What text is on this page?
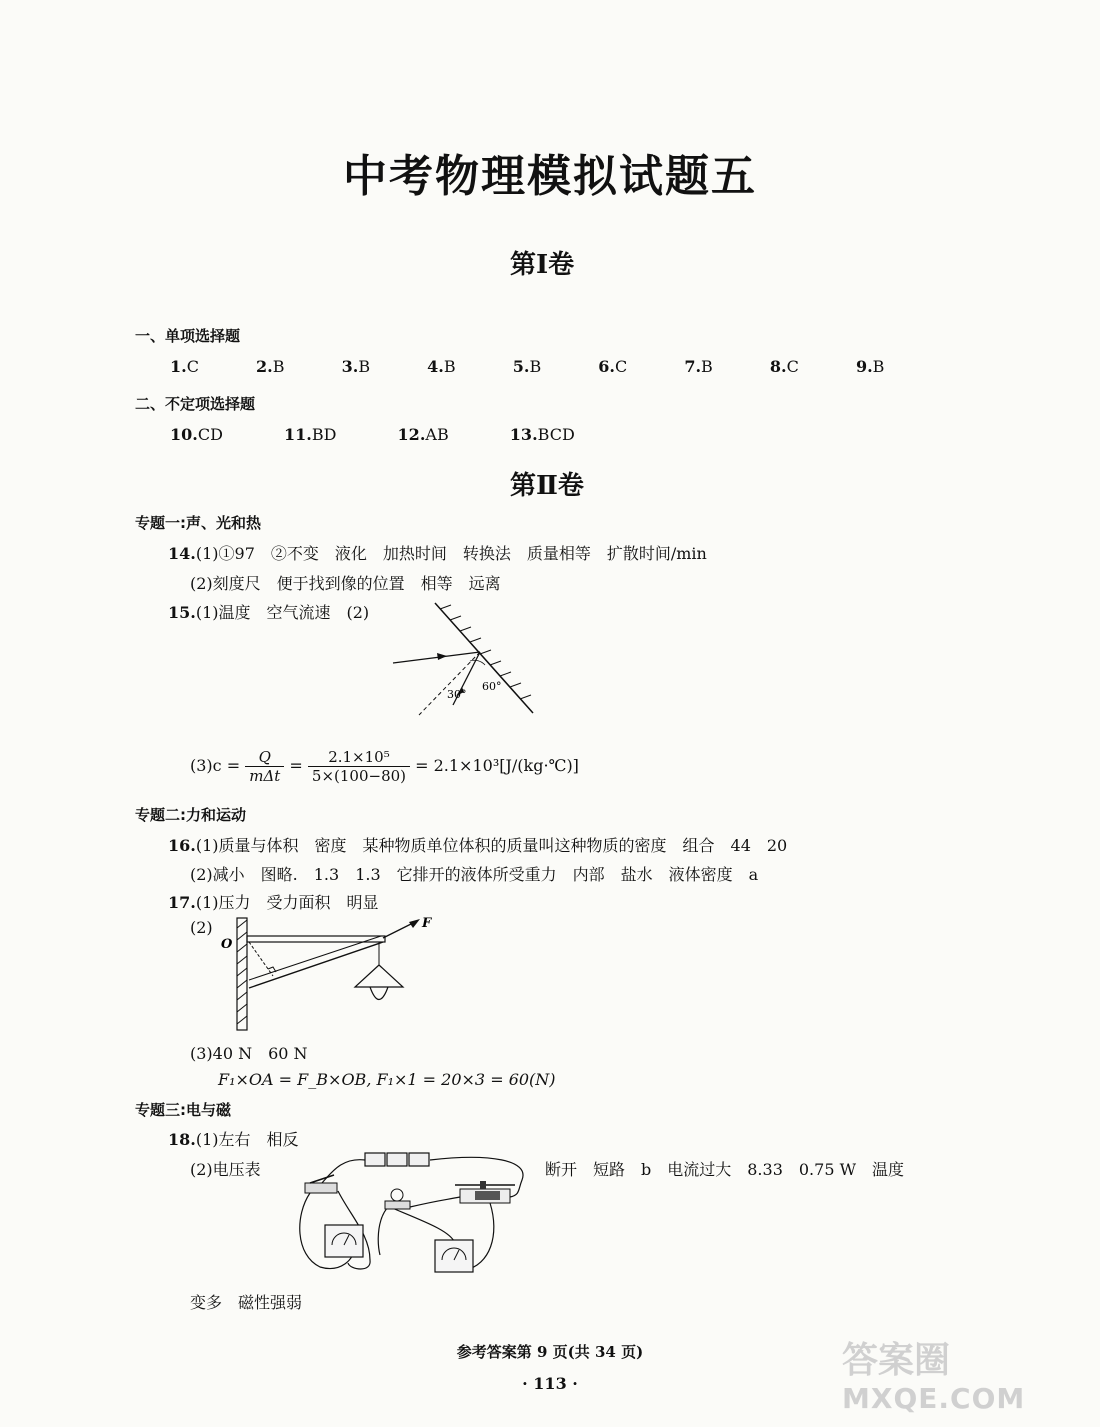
中考物理模拟试题五
第Ⅰ卷
一、单项选择题
1.C	2.B	3.B	4.B	5.B	6.C	7.B	8.C	9.B
二、不定项选择题
10.CD	11.BD	12.AB	13.BCD
第Ⅱ卷
专题一:声、光和热
14.(1)①97　②不变　液化　加热时间　转换法　质量相等　扩散时间/min
(2)刻度尺　便于找到像的位置　相等　远离
15.(1)温度　空气流速　(2)
30°
60°
$(3)c = \frac{Q}{\text{mΔt}} = \frac{\text{2.1×10⁵}}{5\times(100-80)}$ = 2.1×10³[J/(kg·℃)]
专题二:力和运动
16.(1)质量与体积　密度　某种物质单位体积的质量叫这种物质的密度　组合　44　20
(2)减小　图略.　1.3　1.3　它排开的液体所受重力　内部　盐水　液体密度　a
17.(1)压力　受力面积　明显
(2)
O
F
(3)40 N　60 N
F₁×OA = F_B×OB, F₁×1 = 20×3 = 60(N)
专题三:电与磁
18.(1)左右　相反
(2)电压表	断开　短路　b　电流过大　8.33　0.75 W　温度
变多　磁性强弱
参考答案第 9 页(共 34 页)
· 113 ·
答案圈
MXQE.COM
